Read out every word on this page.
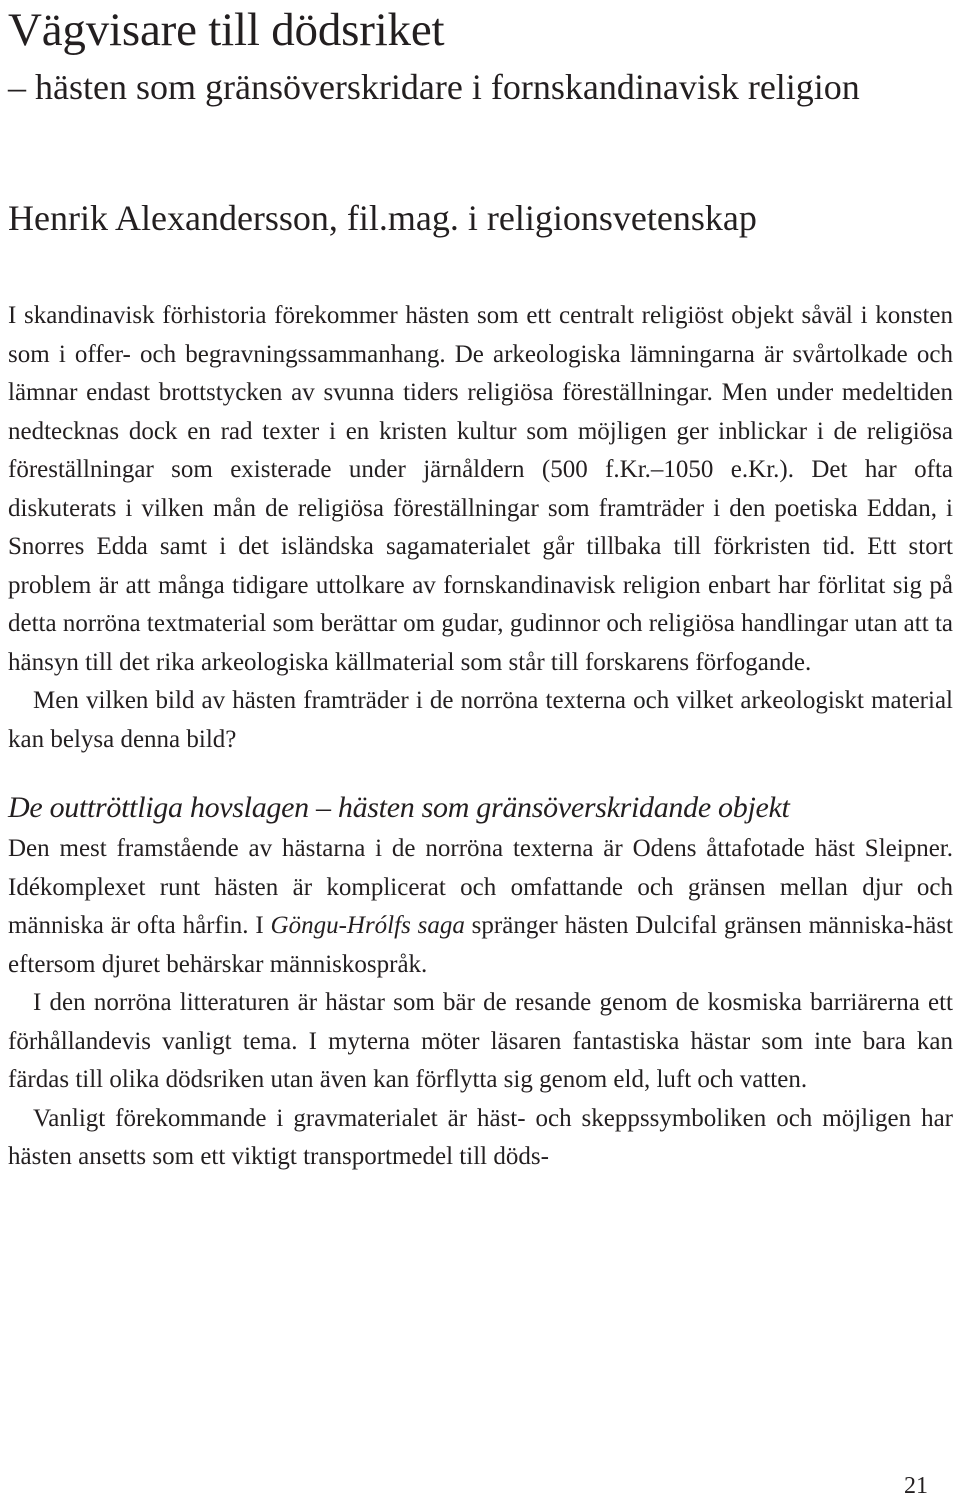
Vägvisare till dödsriket
– hästen som gränsöverskridare i fornskandinavisk religion
Henrik Alexandersson, fil.mag. i religionsvetenskap

I skandinavisk förhistoria förekommer hästen som ett centralt religiöst objekt såväl i konsten som i offer- och begravningssammanhang. De arkeologiska lämningarna är svårtolkade och lämnar endast brottstycken av svunna tiders religiösa föreställningar. Men under medeltiden nedtecknas dock en rad texter i en kristen kultur som möjligen ger inblickar i de religiösa föreställningar som existerade under järnåldern (500 f.Kr.–1050 e.Kr.). Det har ofta diskuterats i vilken mån de religiösa föreställningar som framträder i den poetiska Eddan, i Snorres Edda samt i det isländska sagamaterialet går tillbaka till förkristen tid. Ett stort problem är att många tidigare uttolkare av fornskandinavisk religion enbart har förlitat sig på detta norröna textmaterial som berättar om gudar, gudinnor och religiösa handlingar utan att ta hänsyn till det rika arkeologiska källmaterial som står till forskarens förfogande.

Men vilken bild av hästen framträder i de norröna texterna och vilket arkeologiskt material kan belysa denna bild?

De outtröttliga hovslagen – hästen som gränsöverskridande objekt

Den mest framstående av hästarna i de norröna texterna är Odens åttafotade häst Sleipner. Idékomplexet runt hästen är komplicerat och omfattande och gränsen mellan djur och människa är ofta hårfin. I Göngu-Hrólfs saga spränger hästen Dulcifal gränsen människa-häst eftersom djuret behärskar människospråk.

I den norröna litteraturen är hästar som bär de resande genom de kosmiska barriärerna ett förhållandevis vanligt tema. I myterna möter läsaren fantastiska hästar som inte bara kan färdas till olika dödsriken utan även kan förflytta sig genom eld, luft och vatten.

Vanligt förekommande i gravmaterialet är häst- och skeppssymboliken och möjligen har hästen ansetts som ett viktigt transportmedel till döds-

21
